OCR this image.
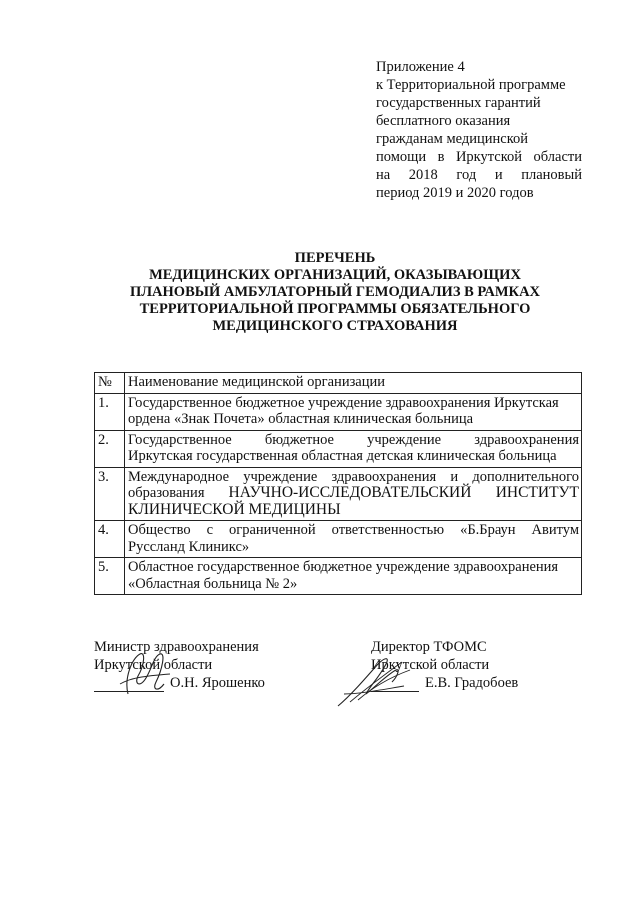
Приложение 4
к Территориальной программе
государственных гарантий
бесплатного оказания
гражданам медицинской
помощи в Иркутской области
на 2018 год и плановый
период 2019 и 2020 годов
ПЕРЕЧЕНЬ
МЕДИЦИНСКИХ ОРГАНИЗАЦИЙ, ОКАЗЫВАЮЩИХ
ПЛАНОВЫЙ АМБУЛАТОРНЫЙ ГЕМОДИАЛИЗ В РАМКАХ
ТЕРРИТОРИАЛЬНОЙ ПРОГРАММЫ ОБЯЗАТЕЛЬНОГО
МЕДИЦИНСКОГО СТРАХОВАНИЯ
№	Наименование медицинской организации
1.	Государственное бюджетное учреждение здравоохранения Иркутская
ордена «Знак Почета» областная клиническая больница

2.	Государственное бюджетное учреждение здравоохранения
Иркутская государственная областная детская клиническая больница

3.	Международное учреждение здравоохранения и дополнительного
образования НАУЧНО-ИССЛЕДОВАТЕЛЬСКИЙ ИНСТИТУТ
КЛИНИЧЕСКОЙ МЕДИЦИНЫ

4.	Общество с ограниченной ответственностью «Б.Браун Авитум
Руссланд Клиникс»

5.	Областное государственное бюджетное учреждение здравоохранения
«Областная больница № 2»
Министр здравоохранения
Иркутской области
О.Н. Ярошенко
Директор ТФОМС
Иркутской области
Е.В. Градобоев
